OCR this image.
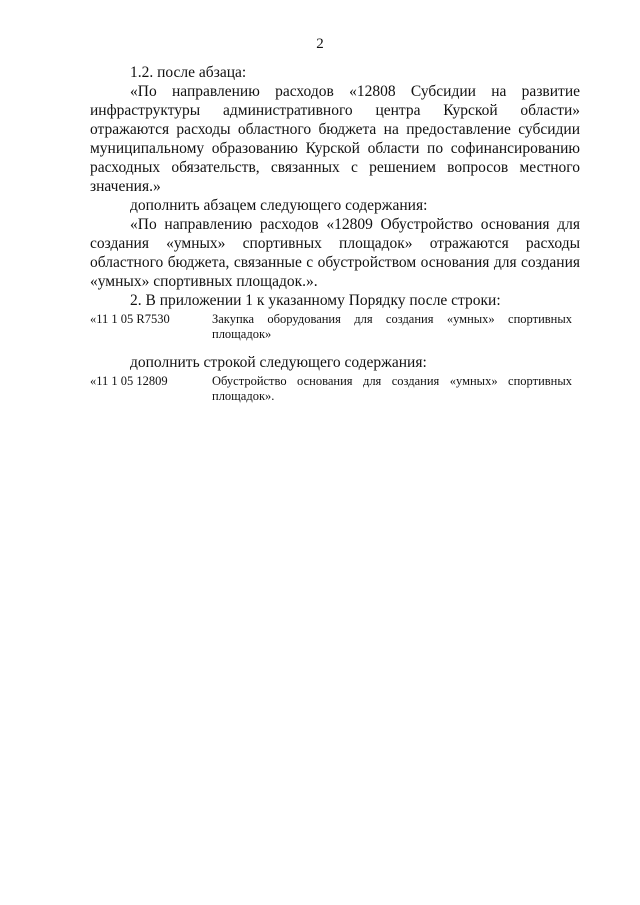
2

1.2. после абзаца:

«По направлению расходов «12808 Субсидии на развитие инфраструктуры административного центра Курской области» отражаются расходы областного бюджета на предоставление субсидии муниципальному образованию Курской области по софинансированию расходных обязательств, связанных с решением вопросов местного значения.»

дополнить абзацем следующего содержания:

«По направлению расходов «12809 Обустройство основания для создания «умных» спортивных площадок» отражаются расходы областного бюджета, связанные с обустройством основания для создания «умных» спортивных площадок.».

2. В приложении 1 к указанному Порядку после строки:

«11 1 05 R7530	Закупка оборудования для создания «умных» спортивных площадок»
дополнить строкой следующего содержания:
«11 1 05 12809	Обустройство основания для создания «умных» спортивных площадок».
